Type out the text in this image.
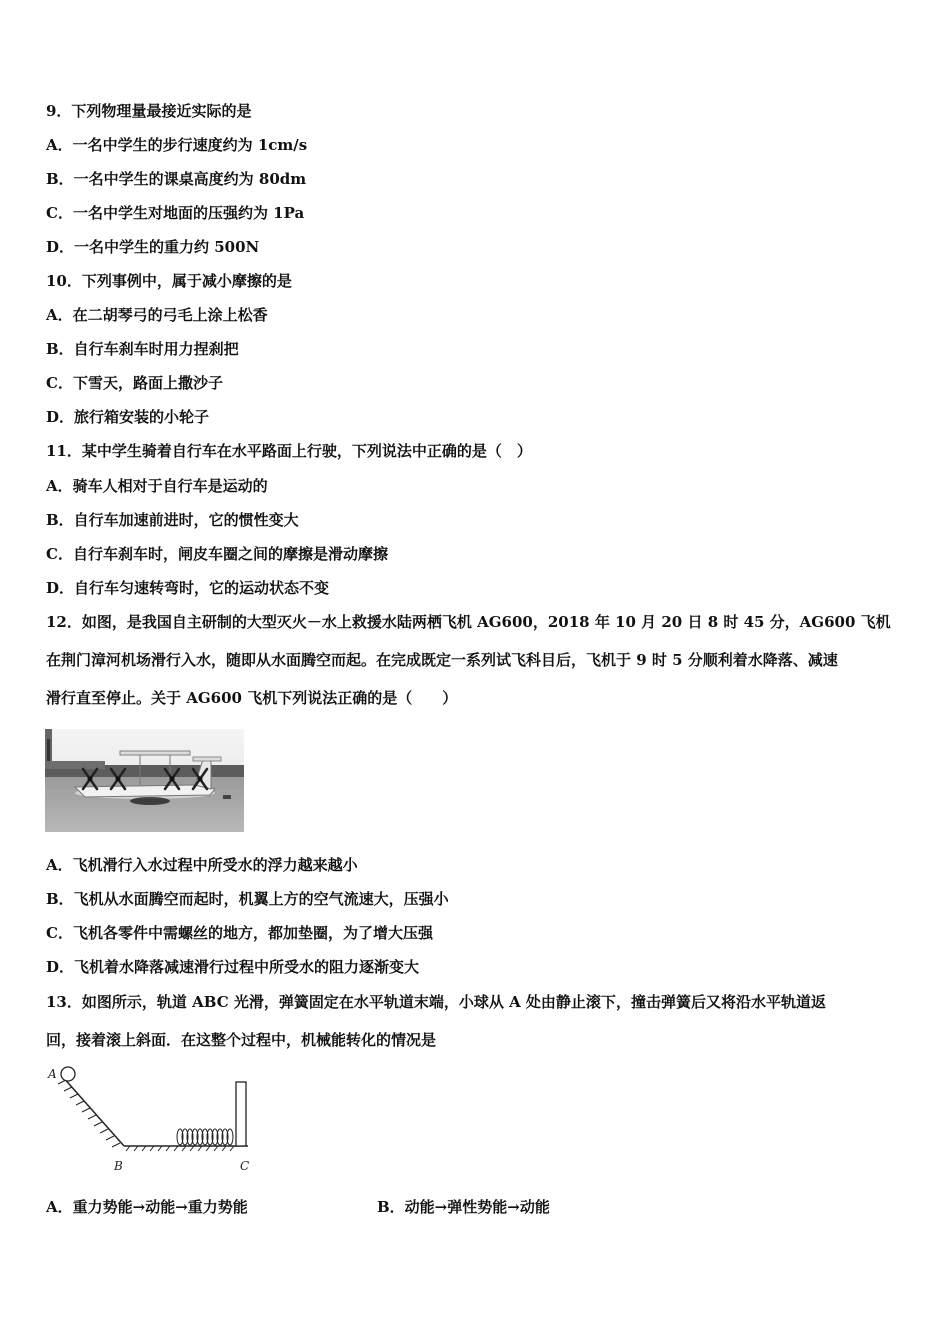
9．下列物理量最接近实际的是
A．一名中学生的步行速度约为 1cm/s
B．一名中学生的课桌高度约为 80dm
C．一名中学生对地面的压强约为 1Pa
D．一名中学生的重力约 500N
10．下列事例中，属于减小摩擦的是
A．在二胡琴弓的弓毛上涂上松香
B．自行车刹车时用力捏刹把
C．下雪天，路面上撒沙子
D．旅行箱安装的小轮子
11．某中学生骑着自行车在水平路面上行驶，下列说法中正确的是（　）
A．骑车人相对于自行车是运动的
B．自行车加速前进时，它的惯性变大
C．自行车刹车时，闸皮车圈之间的摩擦是滑动摩擦
D．自行车匀速转弯时，它的运动状态不变
12．如图，是我国自主研制的大型灭火－水上救援水陆两栖飞机 AG600，2018 年 10 月 20 日 8 时 45 分，AG600 飞机
在荆门漳河机场滑行入水，随即从水面腾空而起。在完成既定一系列试飞科目后，飞机于 9 时 5 分顺利着水降落、减速
滑行直至停止。关于 AG600 飞机下列说法正确的是（　　）
A．飞机滑行入水过程中所受水的浮力越来越小
B．飞机从水面腾空而起时，机翼上方的空气流速大，压强小
C．飞机各零件中需螺丝的地方，都加垫圈，为了增大压强
D．飞机着水降落减速滑行过程中所受水的阻力逐渐变大
13．如图所示，轨道 ABC 光滑，弹簧固定在水平轨道末端，小球从 A 处由静止滚下，撞击弹簧后又将沿水平轨道返
回，接着滚上斜面．在这整个过程中，机械能转化的情况是
A
B	C
A．重力势能→动能→重力势能	B．动能→弹性势能→动能
